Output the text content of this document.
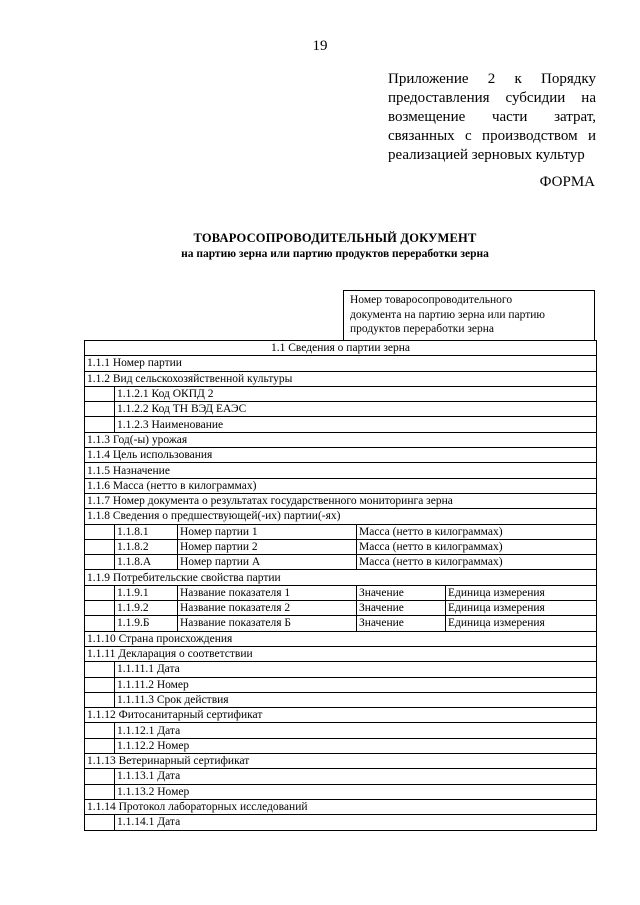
19
Приложение 2 к Порядку
предоставления субсидии на
возмещение части затрат,
связанных с производством и
реализацией зерновых культур
ФОРМА
ТОВАРОСОПРОВОДИТЕЛЬНЫЙ ДОКУМЕНТ
на партию зерна или партию продуктов переработки зерна
Номер товаросопроводительного
документа на партию зерна или партию
продуктов переработки зерна
1.1 Сведения о партии зерна				
1.1.1 Номер партии				
1.1.2 Вид сельскохозяйственной культуры				
	1.1.2.1 Код ОКПД 2			
	1.1.2.2 Код ТН ВЭД ЕАЭС			
	1.1.2.3 Наименование			
1.1.3 Год(-ы) урожая				
1.1.4 Цель использования				
1.1.5 Назначение				
1.1.6 Масса (нетто в килограммах)				
1.1.7 Номер документа о результатах государственного мониторинга зерна				
1.1.8 Сведения о предшествующей(-их) партии(-ях)				
	1.1.8.1	Номер партии 1	Масса (нетто в килограммах)	
	1.1.8.2	Номер партии 2	Масса (нетто в килограммах)	
	1.1.8.А	Номер партии А	Масса (нетто в килограммах)	
1.1.9 Потребительские свойства партии				
	1.1.9.1	Название показателя 1	Значение	Единица измерения
	1.1.9.2	Название показателя 2	Значение	Единица измерения
	1.1.9.Б	Название показателя Б	Значение	Единица измерения
1.1.10 Страна происхождения				
1.1.11 Декларация о соответствии				
	1.1.11.1 Дата			
	1.1.11.2 Номер			
	1.1.11.3 Срок действия			
1.1.12 Фитосанитарный сертификат				
	1.1.12.1 Дата			
	1.1.12.2 Номер			
1.1.13 Ветеринарный сертификат				
	1.1.13.1 Дата			
	1.1.13.2 Номер			
1.1.14 Протокол лабораторных исследований				
	1.1.14.1 Дата			
